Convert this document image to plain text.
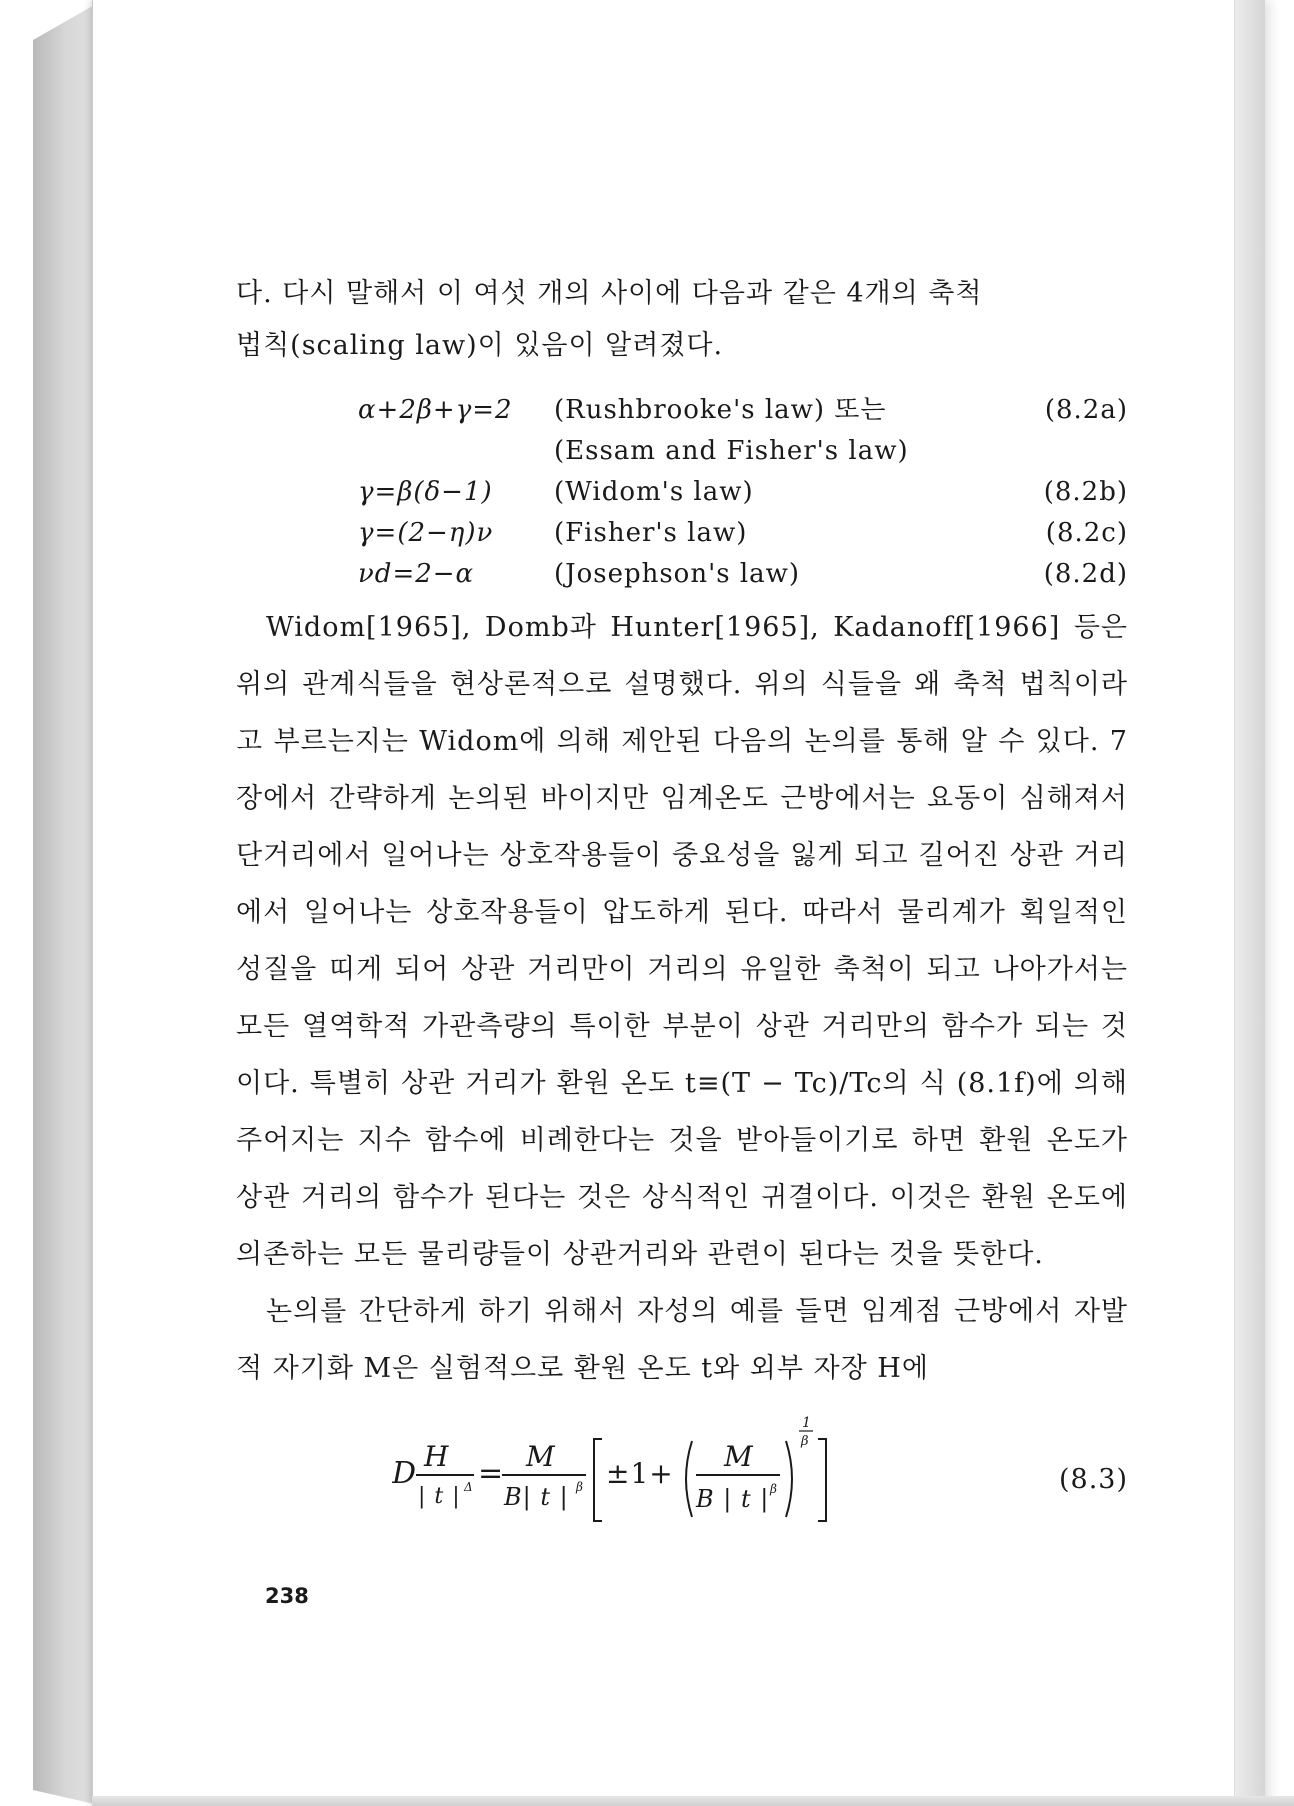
다. 다시 말해서 이 여섯 개의 사이에 다음과 같은 4개의 축척
법칙(scaling law)이 있음이 알려졌다.

α+2β+γ=2 (Rushbrooke's law) 또는	(8.2a)
(Essam and Fisher's law)
γ=β(δ−1) (Widom's law)	(8.2b)
γ=(2−η)ν (Fisher's law)	(8.2c)
νd=2−α	(Josephson's law)	(8.2d)

Widom[1965], Domb과 Hunter[1965], Kadanoff[1966] 등은 위의 관계식들을 현상론적으로 설명했다. 위의 식들을 왜 축척 법칙이라고 부르는지는 Widom에 의해 제안된 다음의 논의를 통해 알 수 있다. 7장에서 간략하게 논의된 바이지만 임계온도 근방에서는 요동이 심해져서 단거리에서 일어나는 상호작용들이 중요성을 잃게 되고 길어진 상관 거리에서 일어나는 상호작용들이 압도하게 된다. 따라서 물리계가 획일적인 성질을 띠게 되어 상관 거리만이 거리의 유일한 축척이 되고 나아가서는 모든 열역학적 가관측량의 특이한 부분이 상관 거리만의 함수가 되는 것이다. 특별히 상관 거리가 환원 온도 t≡(T − Tc)/Tc의 식 (8.1f)에 의해 주어지는 지수 함수에 비례한다는 것을 받아들이기로 하면 환원 온도가 상관 거리의 함수가 된다는 것은 상식적인 귀결이다. 이것은 환원 온도에 의존하는 모든 물리량들이 상관거리와 관련이 된다는 것을 뜻한다.

논의를 간단하게 하기 위해서 자성의 예를 들면 임계점 근방에서 자발적 자기화 M은 실험적으로 환원 온도 t와 외부 자장 H에

D H
| t | Δ = M
B| t | β ±1+
M
B | t | β
1
β
(8.3)
238
